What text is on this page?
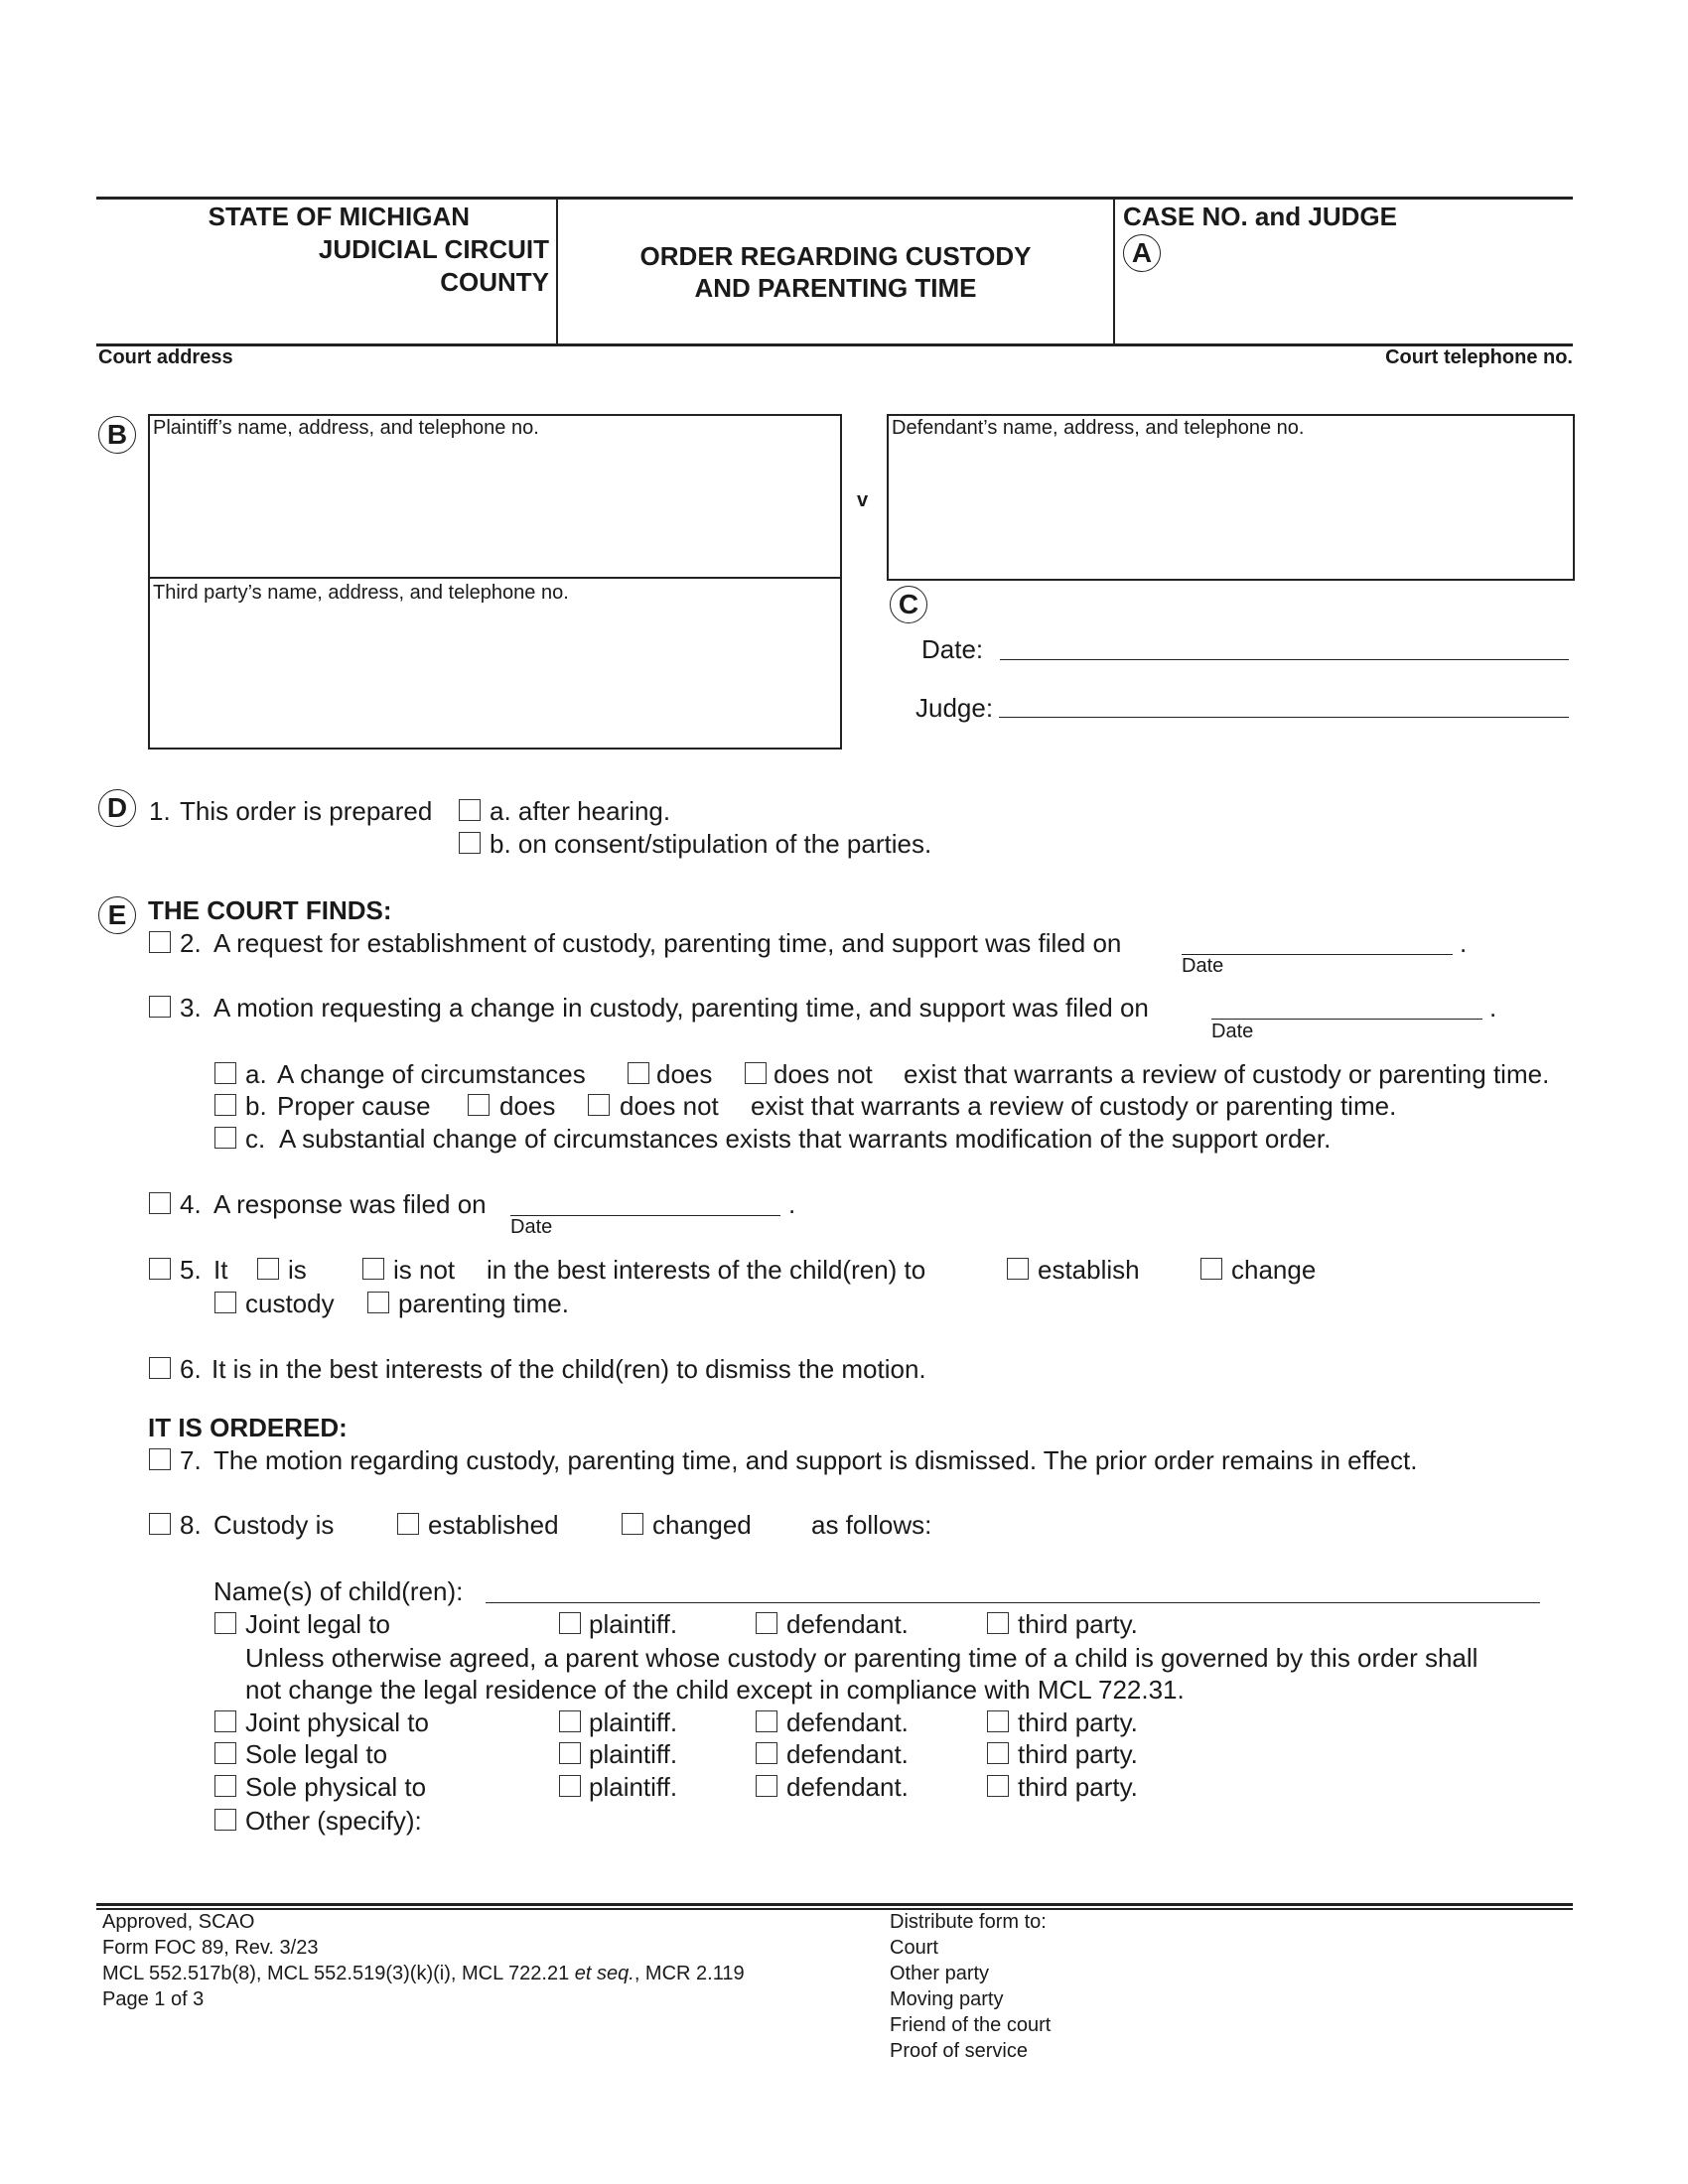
STATE OF MICHIGAN
JUDICIAL CIRCUIT
COUNTY
ORDER REGARDING CUSTODY
AND PARENTING TIME
CASE NO. and JUDGE
A
Court address	Court telephone no.
B	Plaintiff’s name, address, and telephone no.
Third party’s name, address, and telephone no.
v
Defendant’s name, address, and telephone no.
C
Date:
Judge:
D 1. This order is prepared a. after hearing.
b. on consent/stipulation of the parties.
E THE COURT FINDS:
2. A request for establishment of custody, parenting time, and support was filed on	.
Date
3. A motion requesting a change in custody, parenting time, and support was filed on	.
Date
a. A change of circumstances	does does not exist that warrants a review of custody or parenting time.
b. Proper cause	does does not exist that warrants a review of custody or parenting time.
c. A substantial change of circumstances exists that warrants modification of the support order.
4. A response was filed on	.
Date
5. It is	is not in the best interests of the child(ren) to	establish	change
custody parenting time.
6. It is in the best interests of the child(ren) to dismiss the motion.
IT IS ORDERED:
7. The motion regarding custody, parenting time, and support is dismissed. The prior order remains in effect.
8. Custody is	established	changed as follows:
Name(s) of child(ren):
Joint legal to	plaintiff.	defendant.	third party.
Joint physical to	plaintiff.	defendant.	third party.
Sole legal to	plaintiff.	defendant.	third party.
Sole physical to	plaintiff.	defendant.	third party.
Unless otherwise agreed, a parent whose custody or parenting time of a child is governed by this order shall
not change the legal residence of the child except in compliance with MCL 722.31.
Other (specify):
Approved, SCAO
Form FOC 89, Rev. 3/23
MCL 552.517b(8), MCL 552.519(3)(k)(i), MCL 722.21 et seq., MCR 2.119
Page 1 of 3
Distribute form to:
Court
Other party
Moving party
Friend of the court
Proof of service
